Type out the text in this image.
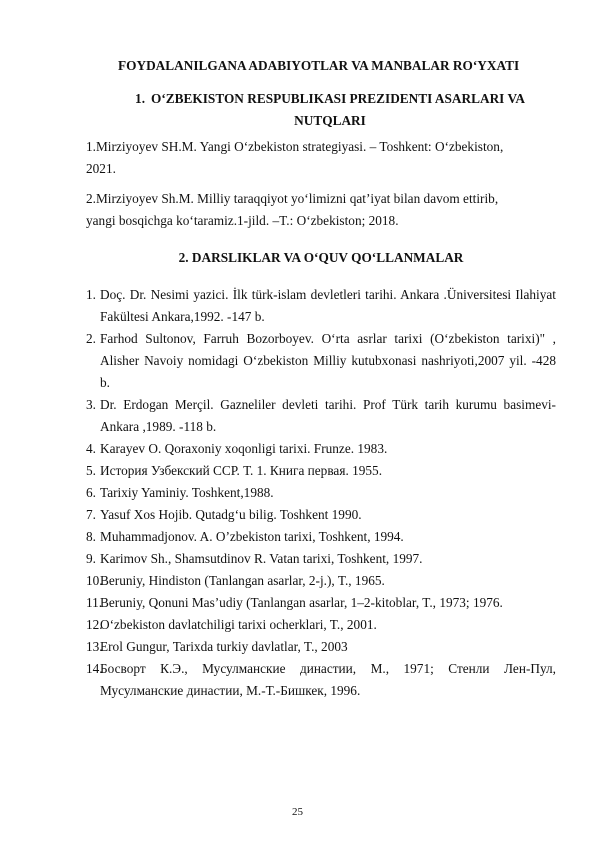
FOYDALANILGANA ADABIYOTLAR VA MANBALAR RO‘YXATI
1. O‘ZBEKISTON RESPUBLIKASI PREZIDENTI ASARLARI VA
NUTQLARI
1.Mirziyoyev SH.M. Yangi O‘zbekiston strategiyasi. – Toshkent: O‘zbekiston,
2021.
2.Mirziyoyev Sh.M. Milliy taraqqiyot yo‘limizni qatʼiyat bilan davom ettirib,
yangi bosqichga koʻtaramiz.1-jild. –T.: Oʻzbekiston; 2018.
2. DARSLIKLAR VA O‘QUV QO‘LLANMALAR
1. Doç. Dr. Nesimi yazici. İlk türk-islam devletleri tarihi. Ankara .Üniversitesi Ilahiyat Fakültesi Ankara,1992. -147 b.
2. Farhod Sultonov, Farruh Bozorboyev. O‘rta asrlar tarixi (O‘zbekiston tarixi)" , Alisher Navoiy nomidagi O‘zbekiston Milliy kutubxonasi nashriyoti,2007 yil. -428 b.
3. Dr. Erdogan Merçil. Gazneliler devleti tarihi. Prof Türk tarih kurumu basimevi-Ankara ,1989. -118 b.
4. Karayev O. Qoraxoniy xoqonligi tarixi. Frunze. 1983.
5. История Узбекский ССР. Т. 1. Книга первая. 1955.
6. Tarixiy Yaminiy. Toshkent,1988.
7. Yasuf Xos Hojib. Qutadg‘u bilig. Toshkent 1990.
8. Muhammadjonov. A. O’zbekiston tarixi, Toshkent, 1994.
9. Karimov Sh., Shamsutdinov R. Vatan tarixi, Toshkent, 1997.
10.
Beruniy, Hindiston (Tanlangan asarlar, 2-j.), T., 1965.
11.
Beruniy, Qonuni Masʼudiy (Tanlangan asarlar, 1–2-kitoblar, T., 1973; 1976.
12.
Oʻzbekiston davlatchiligi tarixi ocherklari, T., 2001.
13.
Erol Gungur, Tarixda turkiy davlatlar, T., 2003
14.
Босворт К.Э., Мусулманские династии, М., 1971; Стенли Лен-Пул, Мусулманские династии, М.-Т.-Бишкек, 1996.
25
